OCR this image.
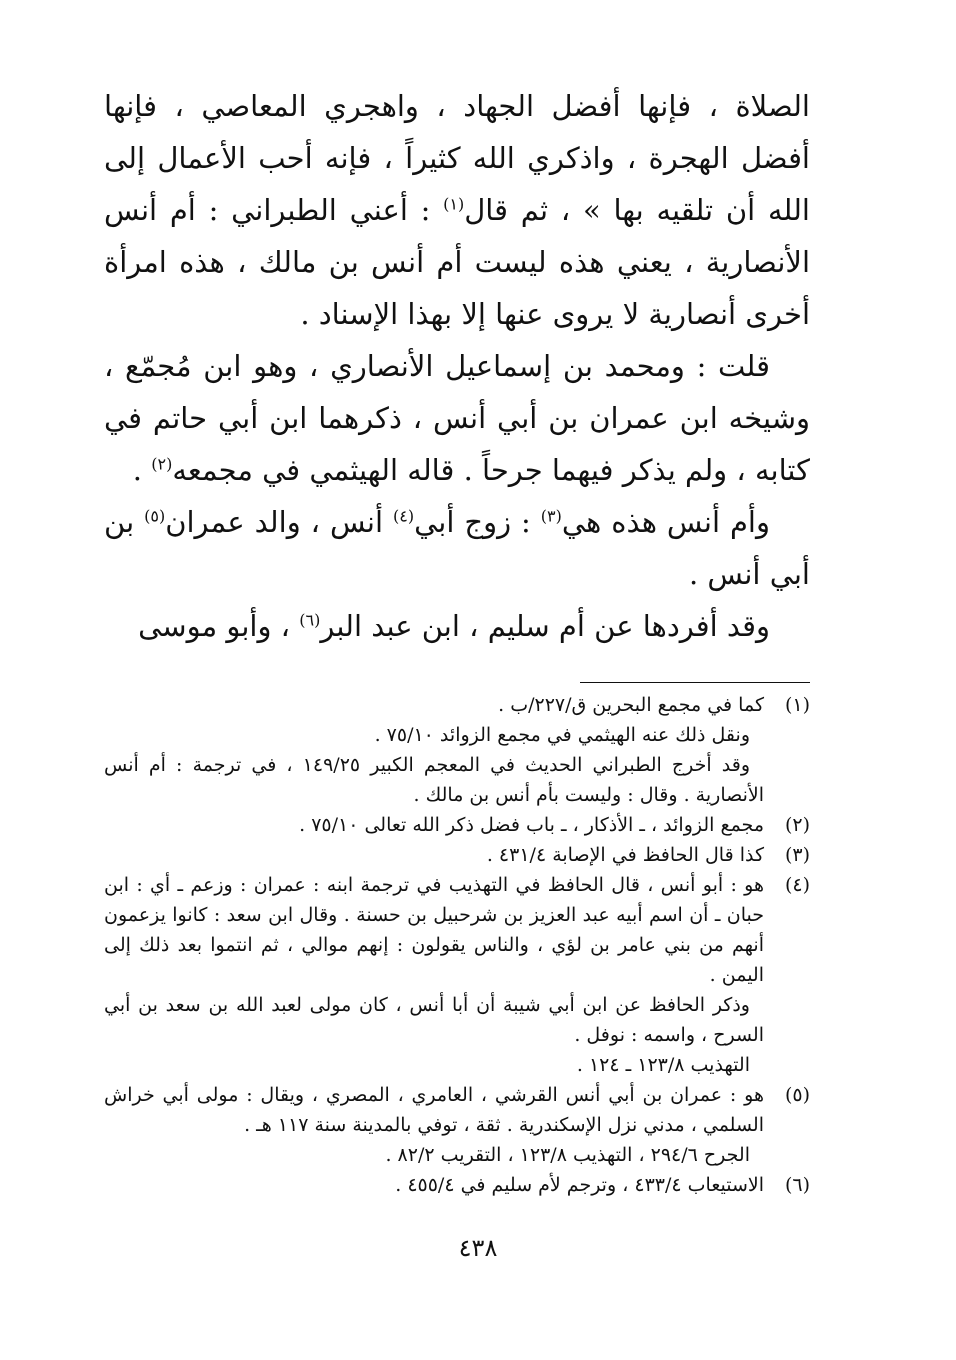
الصلاة ، فإنها أفضل الجهاد ، واهجري المعاصي ، فإنها أفضل الهجرة ، واذكري الله كثيراً ، فإنه أحب الأعمال إلى الله أن تلقيه بها » ، ثم قال$^{(١)}$ : أعني الطبراني : أم أنس الأنصارية ، يعني هذه ليست أم أنس بن مالك ، هذه امرأة أخرى أنصارية لا يروى عنها إلا بهذا الإسناد .

قلت : ومحمد بن إسماعيل الأنصاري ، وهو ابن مُجمّع ، وشيخه ابن عمران بن أبي أنس ، ذكرهما ابن أبي حاتم في كتابه ، ولم يذكر فيهما جرحاً . قاله الهيثمي في مجمعه$^{(٢)}$ .

وأم أنس هذه هي$^{(٣)}$ : زوج أبي$^{(٤)}$ أنس ، والد عمران$^{(٥)}$ بن أبي أنس .

وقد أفردها عن أم سليم ، ابن عبد البر$^{(٦)}$ ، وأبو موسى

(١)

كما في مجمع البحرين ق/٢٢٧/ب .

ونقل ذلك عنه الهيثمي في مجمع الزوائد ٧٥/١٠ .

وقد أخرج الطبراني الحديث في المعجم الكبير ١٤٩/٢٥ ، في ترجمة : أم أنس الأنصارية . وقال : وليست بأم أنس بن مالك .

(٢)

مجمع الزوائد ، ـ الأذكار ، ـ باب فضل ذكر الله تعالى ٧٥/١٠ .

(٣)

كذا قال الحافظ في الإصابة ٤٣١/٤ .

(٤)

هو : أبو أنس ، قال الحافظ في التهذيب في ترجمة ابنه : عمران : وزعم ـ أي : ابن حبان ـ أن اسم أبيه عبد العزيز بن شرحبيل بن حسنة . وقال ابن سعد : كانوا يزعمون أنهم من بني عامر بن لؤي ، والناس يقولون : إنهم موالي ، ثم انتموا بعد ذلك إلى اليمن .

وذكر الحافظ عن ابن أبي شيبة أن أبا أنس ، كان مولى لعبد الله بن سعد بن أبي السرح ، واسمه : نوفل .

التهذيب ١٢٣/٨ ـ ١٢٤ .

(٥)

هو : عمران بن أبي أنس القرشي ، العامري ، المصري ، ويقال : مولى أبي خراش السلمي ، مدني نزل الإسكندرية . ثقة ، توفي بالمدينة سنة ١١٧ هـ .

الجرح ٢٩٤/٦ ، التهذيب ١٢٣/٨ ، التقريب ٨٢/٢ .

(٦)

الاستيعاب ٤٣٣/٤ ، وترجم لأم سليم في ٤٥٥/٤ .

٤٣٨
